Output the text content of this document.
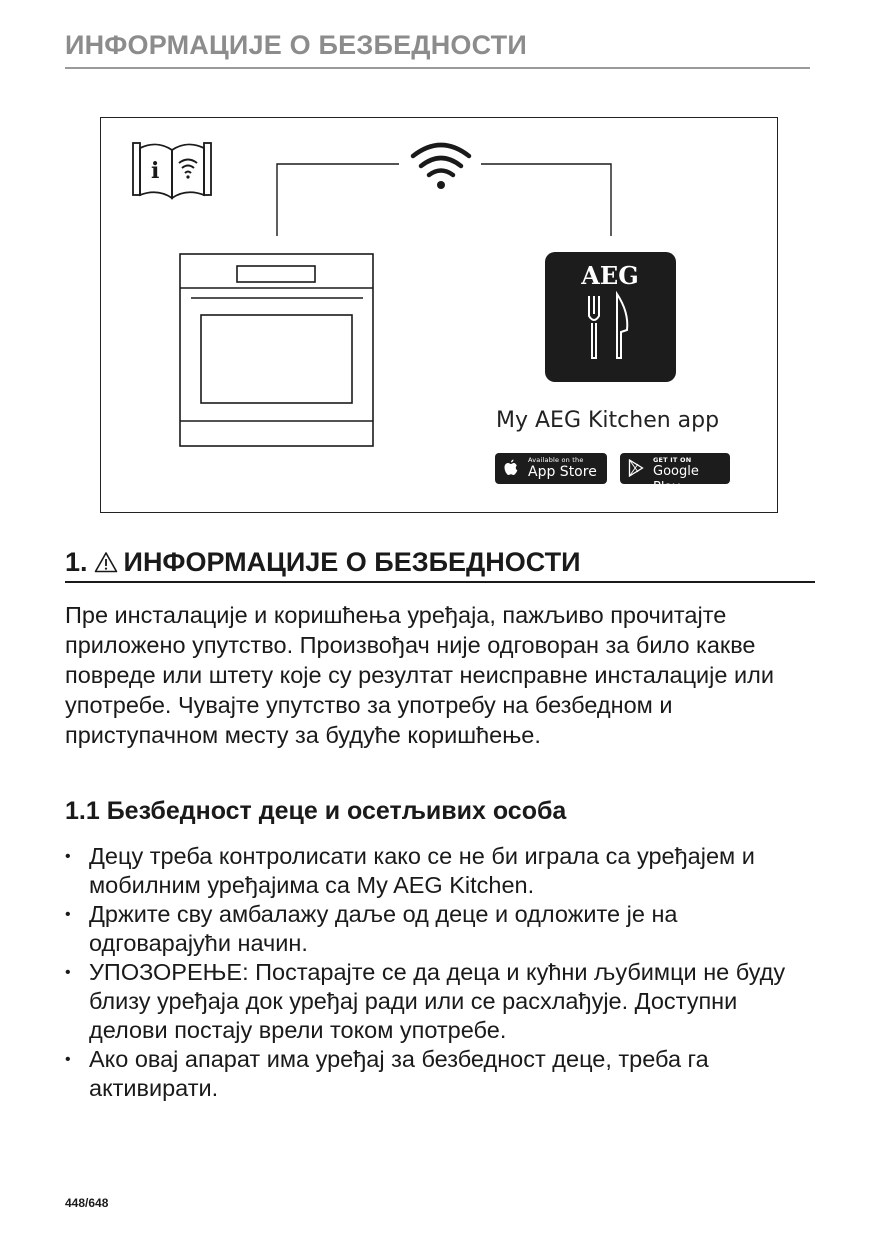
ИНФОРМАЦИЈЕ О БЕЗБЕДНОСТИ
i
AEG
My AEG Kitchen app
Available on the
App Store
GET IT ON
Google Play
1. ИНФОРМАЦИЈЕ О БЕЗБЕДНОСТИ
Пре инсталације и коришћења уређаја, пажљиво прочитајте приложено упутство. Произвођач није одговоран за било какве повреде или штету које су резултат неисправне инсталације или употребе. Чувајте упутство за употребу на безбедном и приступачном месту за будуће коришћење.
1.1 Безбедност деце и осетљивих особа
• Децу треба контролисати како се не би играла са уређајем и мобилним уређајима са My AEG Kitchen.
• Држите сву амбалажу даље од деце и одложите је на одговарајући начин.
• УПОЗОРЕЊЕ: Постарајте се да деца и кућни љубимци не буду близу уређаја док уређај ради или се расхлађује. Доступни делови постају врели током употребе.
• Ако овај апарат има уређај за безбедност деце, треба га активирати.
448/648
